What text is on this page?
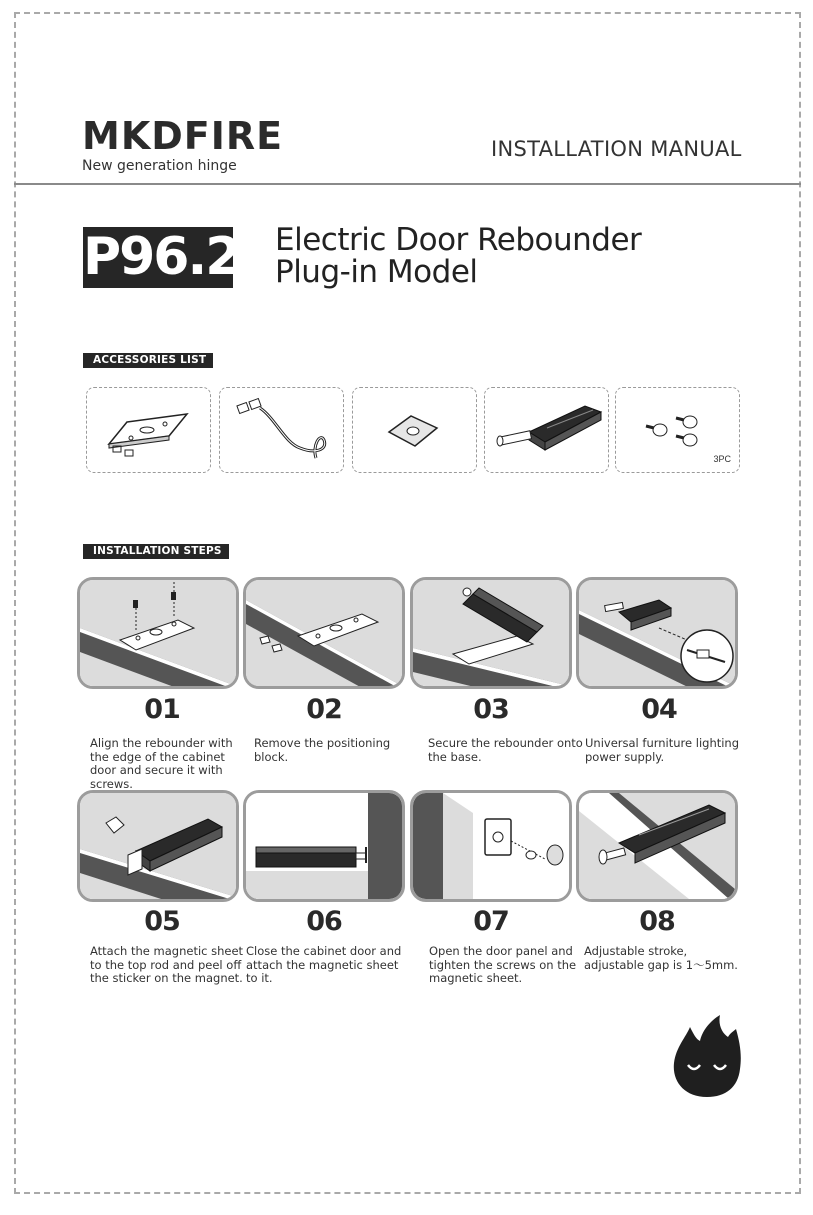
MKDFIRE
New generation hinge
INSTALLATION MANUAL
P96.2 Electric Door Rebounder
Plug-in Model
ACCESSORIES LIST
3PC
INSTALLATION STEPS
01	02	03	04
Align the rebounder with the edge of the cabinet door and secure it with screws.
Remove the positioning block.
Secure the rebounder onto the base.
Universal furniture lighting power supply.
05	06	07	08
Attach the magnetic sheet to the top rod and peel off the sticker on the magnet.
Close the cabinet door and attach the magnetic sheet to it.
Open the door panel and tighten the screws on the magnetic sheet.
Adjustable stroke, adjustable gap is 1～5mm.
